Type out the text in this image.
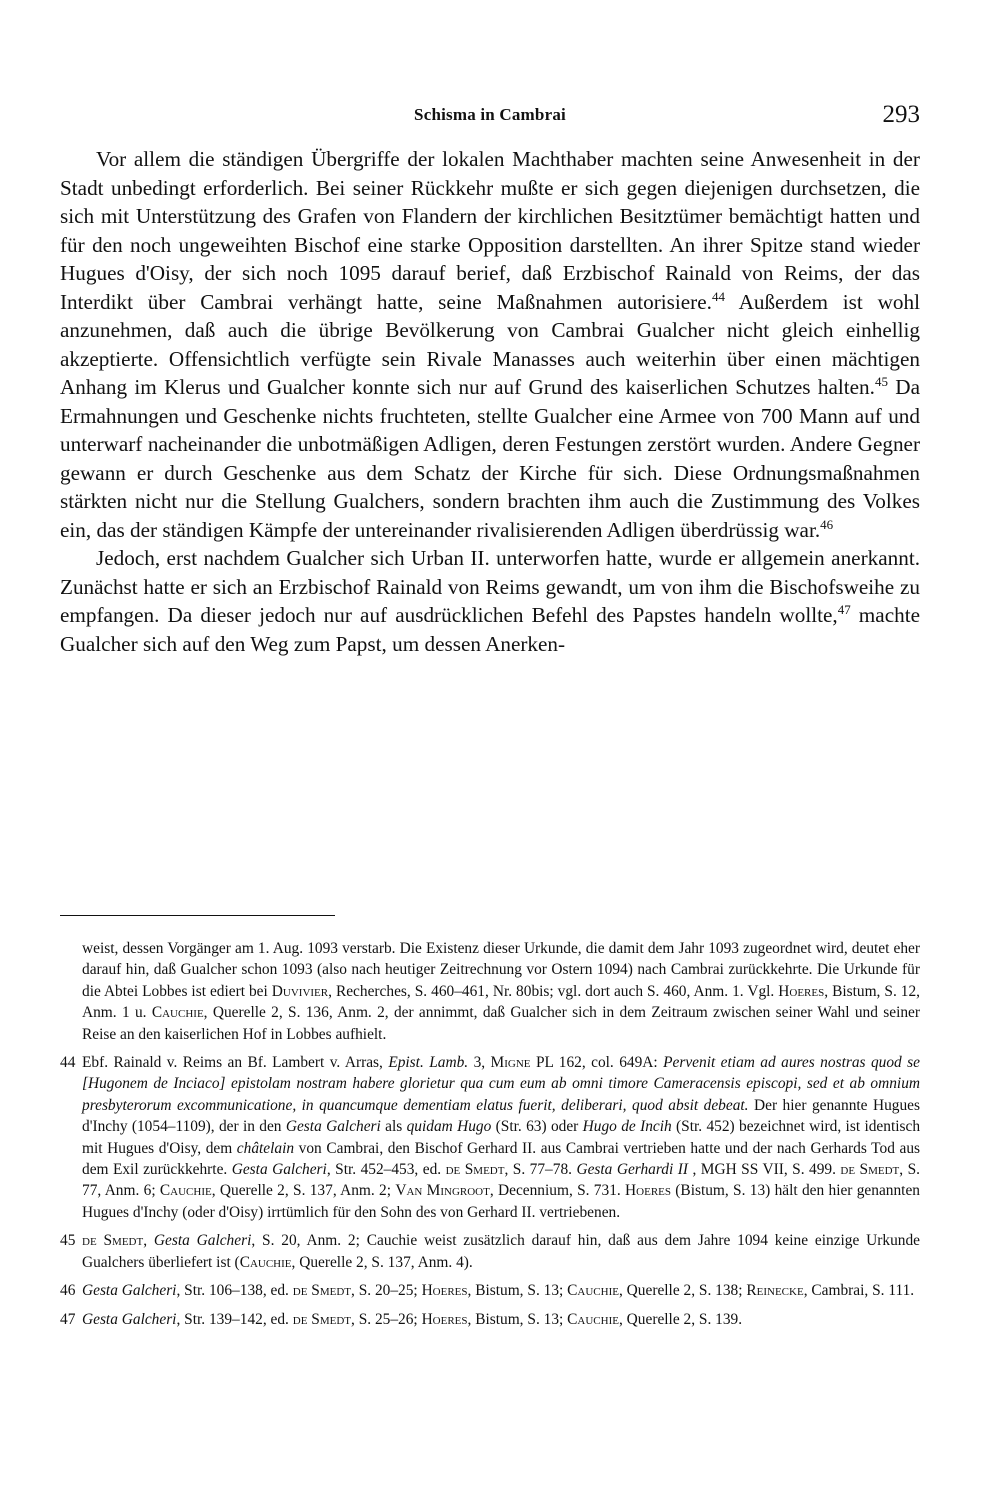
Schisma in Cambrai	293

Vor allem die ständigen Übergriffe der lokalen Machthaber machten seine Anwesenheit in der Stadt unbedingt erforderlich. Bei seiner Rückkehr mußte er sich gegen diejenigen durchsetzen, die sich mit Unterstützung des Grafen von Flandern der kirchlichen Besitztümer bemächtigt hatten und für den noch ungeweihten Bischof eine starke Opposition darstellten. An ihrer Spitze stand wieder Hugues d'Oisy, der sich noch 1095 darauf berief, daß Erzbischof Rainald von Reims, der das Interdikt über Cambrai verhängt hatte, seine Maßnahmen autorisiere.$^{44}$ Außerdem ist wohl anzunehmen, daß auch die übrige Bevölkerung von Cambrai Gualcher nicht gleich einhellig akzeptierte. Offensichtlich verfügte sein Rivale Manasses auch weiterhin über einen mächtigen Anhang im Klerus und Gualcher konnte sich nur auf Grund des kaiserlichen Schutzes halten.$^{45}$ Da Ermahnungen und Geschenke nichts fruchteten, stellte Gualcher eine Armee von 700 Mann auf und unterwarf nacheinander die unbotmäßigen Adligen, deren Festungen zerstört wurden. Andere Gegner gewann er durch Geschenke aus dem Schatz der Kirche für sich. Diese Ordnungsmaßnahmen stärkten nicht nur die Stellung Gualchers, sondern brachten ihm auch die Zustimmung des Volkes ein, das der ständigen Kämpfe der untereinander rivalisierenden Adligen überdrüssig war.$^{46}$

Jedoch, erst nachdem Gualcher sich Urban II. unterworfen hatte, wurde er allgemein anerkannt. Zunächst hatte er sich an Erzbischof Rainald von Reims gewandt, um von ihm die Bischofsweihe zu empfangen. Da dieser jedoch nur auf ausdrücklichen Befehl des Papstes handeln wollte,$^{47}$ machte Gualcher sich auf den Weg zum Papst, um dessen Anerken-

weist, dessen Vorgänger am 1. Aug. 1093 verstarb. Die Existenz dieser Urkunde, die damit dem Jahr 1093 zugeordnet wird, deutet eher darauf hin, daß Gualcher schon 1093 (also nach heutiger Zeitrechnung vor Ostern 1094) nach Cambrai zurückkehrte. Die Urkunde für die Abtei Lobbes ist ediert bei Duvivier, Recherches, S. 460–461, Nr. 80bis; vgl. dort auch S. 460, Anm. 1. Vgl. Hoeres, Bistum, S. 12, Anm. 1 u. Cauchie, Querelle 2, S. 136, Anm. 2, der annimmt, daß Gualcher sich in dem Zeitraum zwischen seiner Wahl und seiner Reise an den kaiserlichen Hof in Lobbes aufhielt.
44 Ebf. Rainald v. Reims an Bf. Lambert v. Arras, Epist. Lamb. 3, Migne PL 162, col. 649A: Pervenit etiam ad aures nostras quod se [Hugonem de Inciaco] epistolam nostram habere glorietur qua cum eum ab omni timore Cameracensis episcopi, sed et ab omnium presbyterorum excommunicatione, in quancumque dementiam elatus fuerit, deliberari, quod absit debeat. Der hier genannte Hugues d'Inchy (1054–1109), der in den Gesta Galcheri als quidam Hugo (Str. 63) oder Hugo de Incih (Str. 452) bezeichnet wird, ist identisch mit Hugues d'Oisy, dem châtelain von Cambrai, den Bischof Gerhard II. aus Cambrai vertrieben hatte und der nach Gerhards Tod aus dem Exil zurückkehrte. Gesta Galcheri, Str. 452–453, ed. de Smedt, S. 77–78. Gesta Gerhardi II , MGH SS VII, S. 499. de Smedt, S. 77, Anm. 6; Cauchie, Querelle 2, S. 137, Anm. 2; Van Mingroot, Decennium, S. 731. Hoeres (Bistum, S. 13) hält den hier genannten Hugues d'Inchy (oder d'Oisy) irrtümlich für den Sohn des von Gerhard II. vertriebenen.
45 de Smedt, Gesta Galcheri, S. 20, Anm. 2; Cauchie weist zusätzlich darauf hin, daß aus dem Jahre 1094 keine einzige Urkunde Gualchers überliefert ist (Cauchie, Querelle 2, S. 137, Anm. 4).
46 Gesta Galcheri, Str. 106–138, ed. de Smedt, S. 20–25; Hoeres, Bistum, S. 13; Cauchie, Querelle 2, S. 138; Reinecke, Cambrai, S. 111.
47 Gesta Galcheri, Str. 139–142, ed. de Smedt, S. 25–26; Hoeres, Bistum, S. 13; Cauchie, Querelle 2, S. 139.
